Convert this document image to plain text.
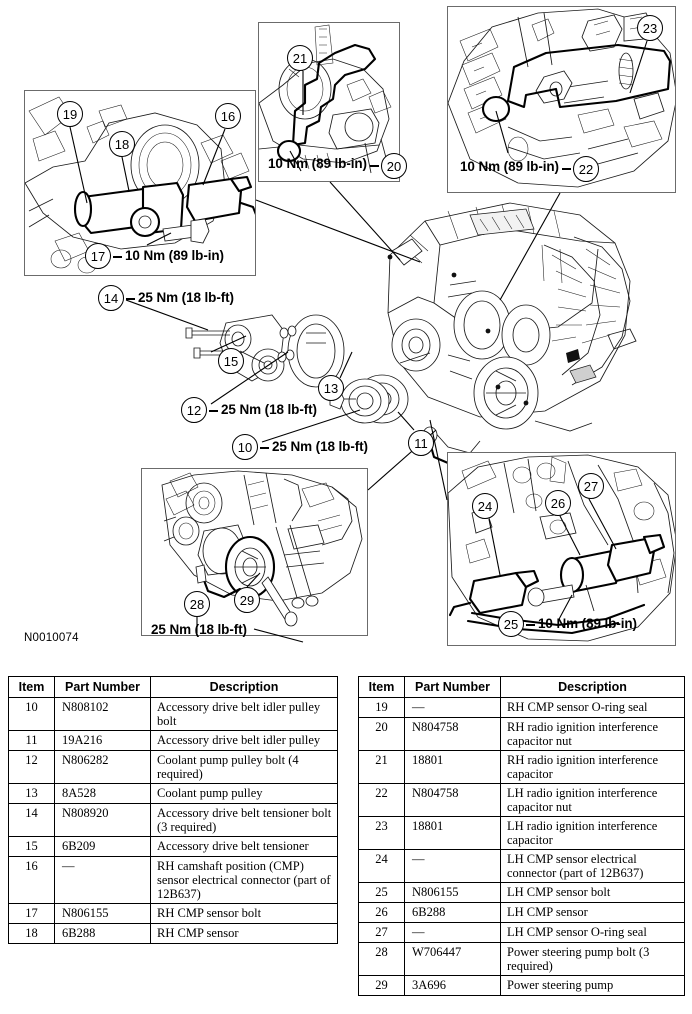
19
18
16
17	10 Nm (89 lb-in)
21
10 Nm (89 lb-in)	20
23
10 Nm (89 lb-in)	22
28	29
25 Nm (18 lb-ft)
24	26
27
25	10 Nm (89 lb-in)
14	25 Nm (18 lb-ft)
15
13
12	25 Nm (18 lb-ft)
10	25 Nm (18 lb-ft)	11
N0010074
Item	Part Number	Description
10	N808102	Accessory drive belt idler pulley bolt
11	19A216	Accessory drive belt idler pulley
12	N806282	Coolant pump pulley bolt (4 required)
13	8A528	Coolant pump pulley
14	N808920	Accessory drive belt tensioner bolt (3 required)
15	6B209	Accessory drive belt tensioner
16	—	RH camshaft position (CMP) sensor electrical connector (part of 12B637)
17	N806155	RH CMP sensor bolt
18	6B288	RH CMP sensor
Item	Part Number	Description
19	—	RH CMP sensor O-ring seal
20	N804758	RH radio ignition interference capacitor nut
21	18801	RH radio ignition interference capacitor
22	N804758	LH radio ignition interference capacitor nut
23	18801	LH radio ignition interference capacitor
24	—	LH CMP sensor electrical connector (part of 12B637)
25	N806155	LH CMP sensor bolt
26	6B288	LH CMP sensor
27	—	LH CMP sensor O-ring seal
28	W706447	Power steering pump bolt (3 required)
29	3A696	Power steering pump
